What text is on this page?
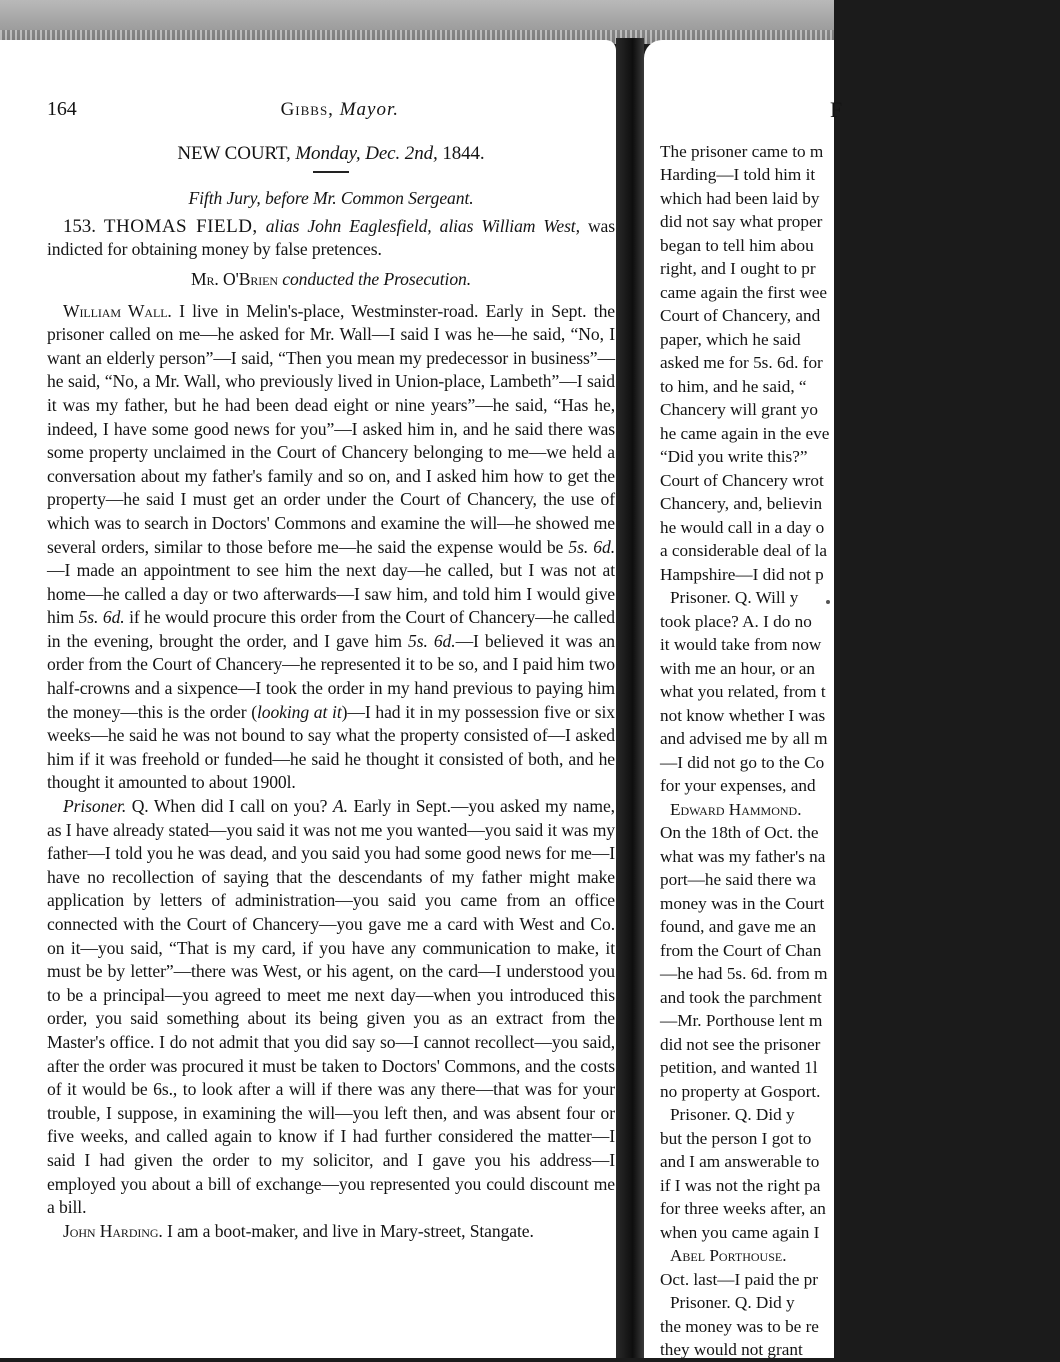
164	Gibbs, Mayor.
NEW COURT, Monday, Dec. 2nd, 1844.
Fifth Jury, before Mr. Common Sergeant.

153. THOMAS FIELD, alias John Eaglesfield, alias William West, was indicted for obtaining money by false pretences.

Mr. O'Brien conducted the Prosecution.

William Wall. I live in Melin's-place, Westminster-road. Early in Sept. the prisoner called on me—he asked for Mr. Wall—I said I was he—he said, “No, I want an elderly person”—I said, “Then you mean my predecessor in business”—he said, “No, a Mr. Wall, who previously lived in Union-place, Lambeth”—I said it was my father, but he had been dead eight or nine years”—he said, “Has he, indeed, I have some good news for you”—I asked him in, and he said there was some property unclaimed in the Court of Chancery belonging to me—we held a conversation about my father's family and so on, and I asked him how to get the property—he said I must get an order under the Court of Chancery, the use of which was to search in Doctors' Commons and examine the will—he showed me several orders, similar to those before me—he said the expense would be 5s. 6d.—I made an appointment to see him the next day—he called, but I was not at home—he called a day or two afterwards—I saw him, and told him I would give him 5s. 6d. if he would procure this order from the Court of Chancery—he called in the evening, brought the order, and I gave him 5s. 6d.—I believed it was an order from the Court of Chancery—he represented it to be so, and I paid him two half-crowns and a sixpence—I took the order in my hand previous to paying him the money—this is the order (looking at it)—I had it in my possession five or six weeks—he said he was not bound to say what the property consisted of—I asked him if it was freehold or funded—he said he thought it consisted of both, and he thought it amounted to about 1900l.

Prisoner. Q. When did I call on you? A. Early in Sept.—you asked my name, as I have already stated—you said it was not me you wanted—you said it was my father—I told you he was dead, and you said you had some good news for me—I have no recollection of saying that the descendants of my father might make application by letters of administration—you said you came from an office connected with the Court of Chancery—you gave me a card with West and Co. on it—you said, “That is my card, if you have any communication to make, it must be by letter”—there was West, or his agent, on the card—I understood you to be a principal—you agreed to meet me next day—when you introduced this order, you said something about its being given you as an extract from the Master's office. I do not admit that you did say so—I cannot recollect—you said, after the order was procured it must be taken to Doctors' Commons, and the costs of it would be 6s., to look after a will if there was any there—that was for your trouble, I suppose, in examining the will—you left then, and was absent four or five weeks, and called again to know if I had further considered the matter—I said I had given the order to my solicitor, and I gave you his address—I employed you about a bill of exchange—you represented you could discount me a bill.

John Harding. I am a boot-maker, and live in Mary-street, Stangate.

F
The prisoner came to m
Harding—I told him it
which had been laid by
did not say what proper
began to tell him abou
right, and I ought to pr
came again the first wee
Court of Chancery, and
paper, which he said
asked me for 5s. 6d. for
to him, and he said, “
Chancery will grant yo
he came again in the eve
“Did you write this?”
Court of Chancery wrot
Chancery, and, believin
he would call in a day o
a considerable deal of la
Hampshire—I did not p
Prisoner. Q. Will y
took place? A. I do no
it would take from now
with me an hour, or an
what you related, from t
not know whether I was
and advised me by all m
—I did not go to the Co
for your expenses, and
Edward Hammond.
On the 18th of Oct. the
what was my father's na
port—he said there wa
money was in the Court
found, and gave me an
from the Court of Chan
—he had 5s. 6d. from m
and took the parchment
—Mr. Porthouse lent m
did not see the prisoner
petition, and wanted 1l
no property at Gosport.
Prisoner. Q. Did y
but the person I got to
and I am answerable to
if I was not the right pa
for three weeks after, an
when you came again I
Abel Porthouse.
Oct. last—I paid the pr
Prisoner. Q. Did y
the money was to be re
they would not grant
